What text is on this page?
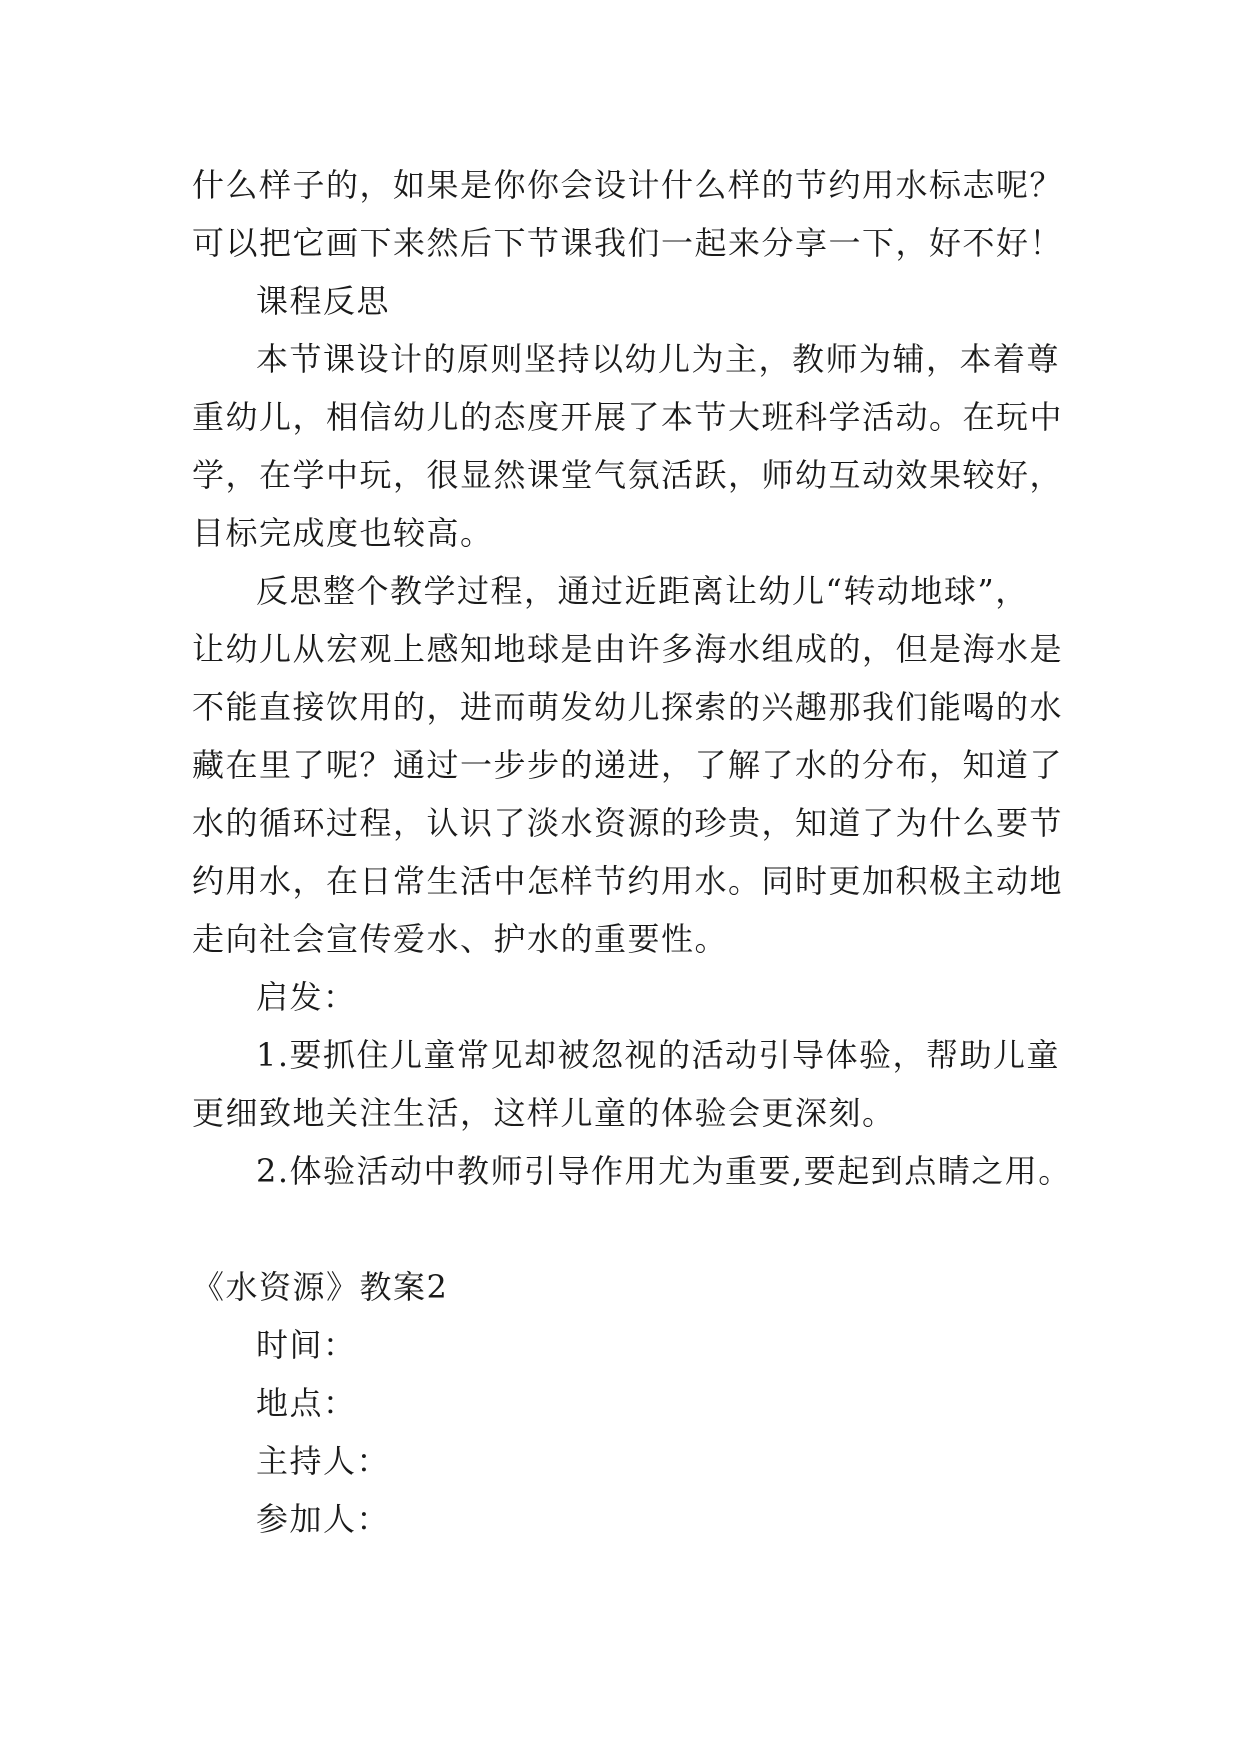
什么样子的，如果是你你会设计什么样的节约用水标志呢？
可以把它画下来然后下节课我们一起来分享一下，好不好！
课程反思
本节课设计的原则坚持以幼儿为主，教师为辅，本着尊
重幼儿，相信幼儿的态度开展了本节大班科学活动。在玩中
学，在学中玩，很显然课堂气氛活跃，师幼互动效果较好，
目标完成度也较高。
反思整个教学过程，通过近距离让幼儿“转动地球”，
让幼儿从宏观上感知地球是由许多海水组成的，但是海水是
不能直接饮用的，进而萌发幼儿探索的兴趣那我们能喝的水
藏在里了呢？通过一步步的递进，了解了水的分布，知道了
水的循环过程，认识了淡水资源的珍贵，知道了为什么要节
约用水，在日常生活中怎样节约用水。同时更加积极主动地
走向社会宣传爱水、护水的重要性。
启发：
1.要抓住儿童常见却被忽视的活动引导体验，帮助儿童
更细致地关注生活，这样儿童的体验会更深刻。
2.体验活动中教师引导作用尤为重要,要起到点睛之用。
《水资源》教案2
时间：
地点：
主持人：
参加人：
